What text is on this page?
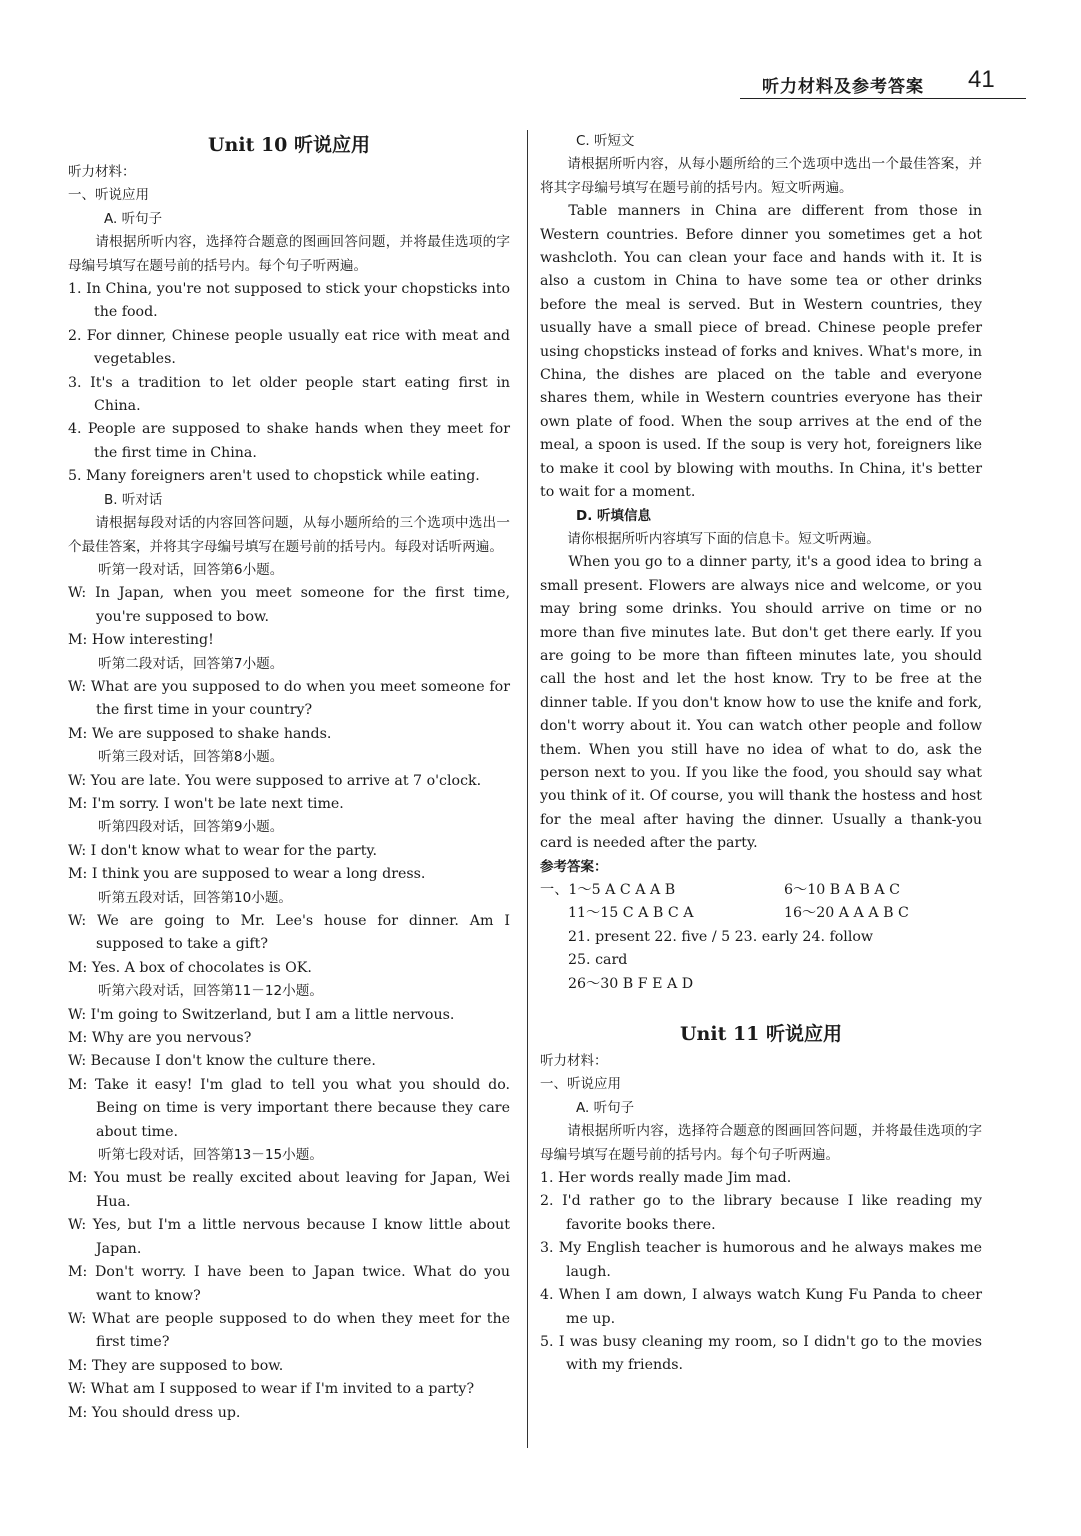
听力材料及参考答案 41
Unit 10 听说应用
听力材料：
一、听说应用
A. 听句子
请根据所听内容，选择符合题意的图画回答问题，并将最佳选项的字母编号填写在题号前的括号内。每个句子听两遍。
1. In China, you're not supposed to stick your chopsticks into the food.
2. For dinner, Chinese people usually eat rice with meat and vegetables.
3. It's a tradition to let older people start eating first in China.
4. People are supposed to shake hands when they meet for the first time in China.
5. Many foreigners aren't used to chopstick while eating.
B. 听对话
请根据每段对话的内容回答问题，从每小题所给的三个选项中选出一个最佳答案，并将其字母编号填写在题号前的括号内。每段对话听两遍。
听第一段对话，回答第6小题。
W: In Japan, when you meet someone for the first time, you're supposed to bow.
M: How interesting!
听第二段对话，回答第7小题。
W: What are you supposed to do when you meet someone for the first time in your country?
M: We are supposed to shake hands.
听第三段对话，回答第8小题。
W: You are late. You were supposed to arrive at 7 o'clock.
M: I'm sorry. I won't be late next time.
听第四段对话，回答第9小题。
W: I don't know what to wear for the party.
M: I think you are supposed to wear a long dress.
听第五段对话，回答第10小题。
W: We are going to Mr. Lee's house for dinner. Am I supposed to take a gift?
M: Yes. A box of chocolates is OK.
听第六段对话，回答第11－12小题。
W: I'm going to Switzerland, but I am a little nervous.
M: Why are you nervous?
W: Because I don't know the culture there.
M: Take it easy! I'm glad to tell you what you should do. Being on time is very important there because they care about time.
听第七段对话，回答第13－15小题。
M: You must be really excited about leaving for Japan, Wei Hua.
W: Yes, but I'm a little nervous because I know little about Japan.
M: Don't worry. I have been to Japan twice. What do you want to know?
W: What are people supposed to do when they meet for the first time?
M: They are supposed to bow.
W: What am I supposed to wear if I'm invited to a party?
M: You should dress up.
C. 听短文
请根据所听内容，从每小题所给的三个选项中选出一个最佳答案，并将其字母编号填写在题号前的括号内。短文听两遍。
Table manners in China are different from those in Western countries. Before dinner you sometimes get a hot washcloth. You can clean your face and hands with it. It is also a custom in China to have some tea or other drinks before the meal is served. But in Western countries, they usually have a small piece of bread. Chinese people prefer using chopsticks instead of forks and knives. What's more, in China, the dishes are placed on the table and everyone shares them, while in Western countries everyone has their own plate of food. When the soup arrives at the end of the meal, a spoon is used. If the soup is very hot, foreigners like to make it cool by blowing with mouths. In China, it's better to wait for a moment.
D. 听填信息
请你根据所听内容填写下面的信息卡。短文听两遍。
When you go to a dinner party, it's a good idea to bring a small present. Flowers are always nice and welcome, or you may bring some drinks. You should arrive on time or no more than five minutes late. But don't get there early. If you are going to be more than fifteen minutes late, you should call the host and let the host know. Try to be free at the dinner table. If you don't know how to use the knife and fork, don't worry about it. You can watch other people and follow them. When you still have no idea of what to do, ask the person next to you. If you like the food, you should say what you think of it. Of course, you will thank the hostess and host for the meal after having the dinner. Usually a thank-you card is needed after the party.
参考答案：
一、1～5 A C A A B	6～10 B A B A C
11～15 C A B C A	16～20 A A A B C
21. present 22. five / 5 23. early 24. follow
25. card
26～30 B F E A D
Unit 11 听说应用
听力材料：
一、听说应用
A. 听句子
请根据所听内容，选择符合题意的图画回答问题，并将最佳选项的字母编号填写在题号前的括号内。每个句子听两遍。
1. Her words really made Jim mad.
2. I'd rather go to the library because I like reading my favorite books there.
3. My English teacher is humorous and he always makes me laugh.
4. When I am down, I always watch Kung Fu Panda to cheer me up.
5. I was busy cleaning my room, so I didn't go to the movies with my friends.
